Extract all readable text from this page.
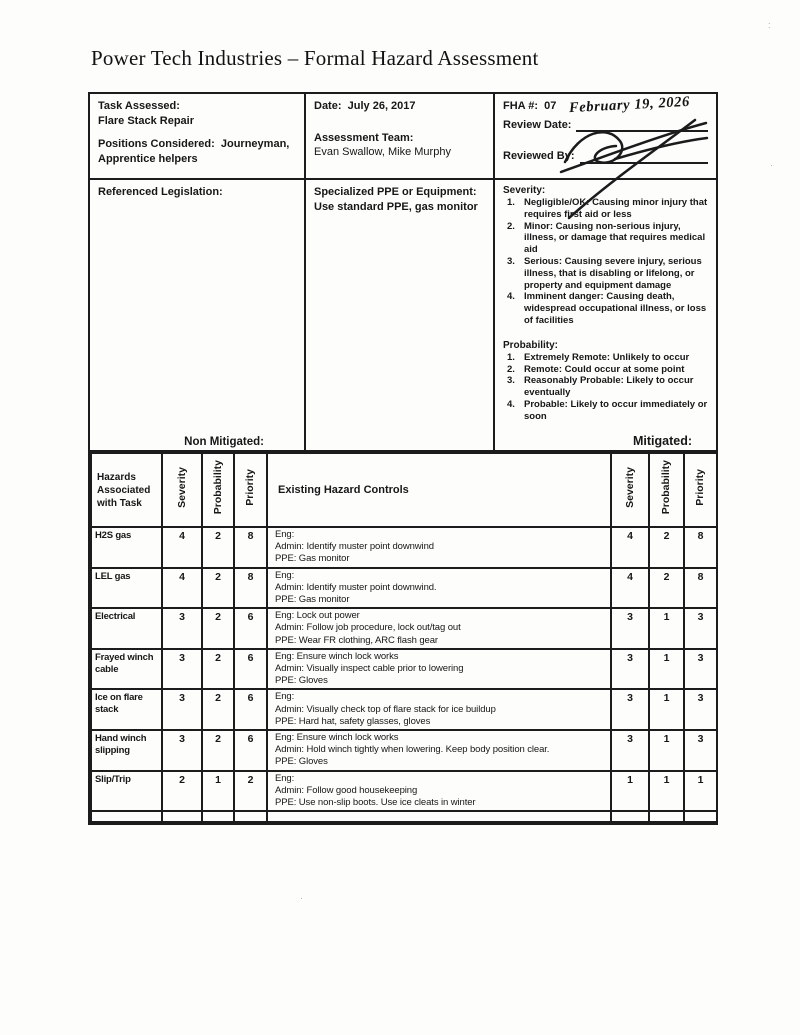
Power Tech Industries – Formal Hazard Assessment
Task Assessed:
Flare Stack Repair
Positions Considered: Journeyman, Apprentice helpers
Date: July 26, 2017
Assessment Team:
Evan Swallow, Mike Murphy
FHA #: 07
Review Date:
Reviewed By:
February 19, 2026
Referenced Legislation:
Non Mitigated:
Specialized PPE or Equipment:
Use standard PPE, gas monitor
Severity:
1. Negligible/OK: Causing minor injury that requires first aid or less
2. Minor: Causing non-serious injury, illness, or damage that requires medical aid
3. Serious: Causing severe injury, serious illness, that is disabling or lifelong, or property and equipment damage
4. Imminent danger: Causing death, widespread occupational illness, or loss of facilities
Probability:
1. Extremely Remote: Unlikely to occur
2. Remote: Could occur at some point
3. Reasonably Probable: Likely to occur eventually
4. Probable: Likely to occur immediately or soon
Mitigated:
Hazards Associated with Task	Severity	Probability	Priority	Existing Hazard Controls	Severity	Probability	Priority
H2S gas	4	2	8	Eng:
Admin: Identify muster point downwind
PPE: Gas monitor	4	2	8
LEL gas	4	2	8	Eng:
Admin: Identify muster point downwind.
PPE: Gas monitor	4	2	8
Electrical	3	2	6	Eng: Lock out power
Admin: Follow job procedure, lock out/tag out
PPE: Wear FR clothing, ARC flash gear	3	1	3
Frayed winch cable	3	2	6	Eng: Ensure winch lock works
Admin: Visually inspect cable prior to lowering
PPE: Gloves	3	1	3
Ice on flare stack	3	2	6	Eng:
Admin: Visually check top of flare stack for ice buildup
PPE: Hard hat, safety glasses, gloves	3	1	3
Hand winch slipping	3	2	6	Eng: Ensure winch lock works
Admin: Hold winch tightly when lowering. Keep body position clear.
PPE: Gloves	3	1	3
Slip/Trip	2	1	2	Eng:
Admin: Follow good housekeeping
PPE: Use non-slip boots. Use ice cleats in winter	1	1	1

:
·
·
